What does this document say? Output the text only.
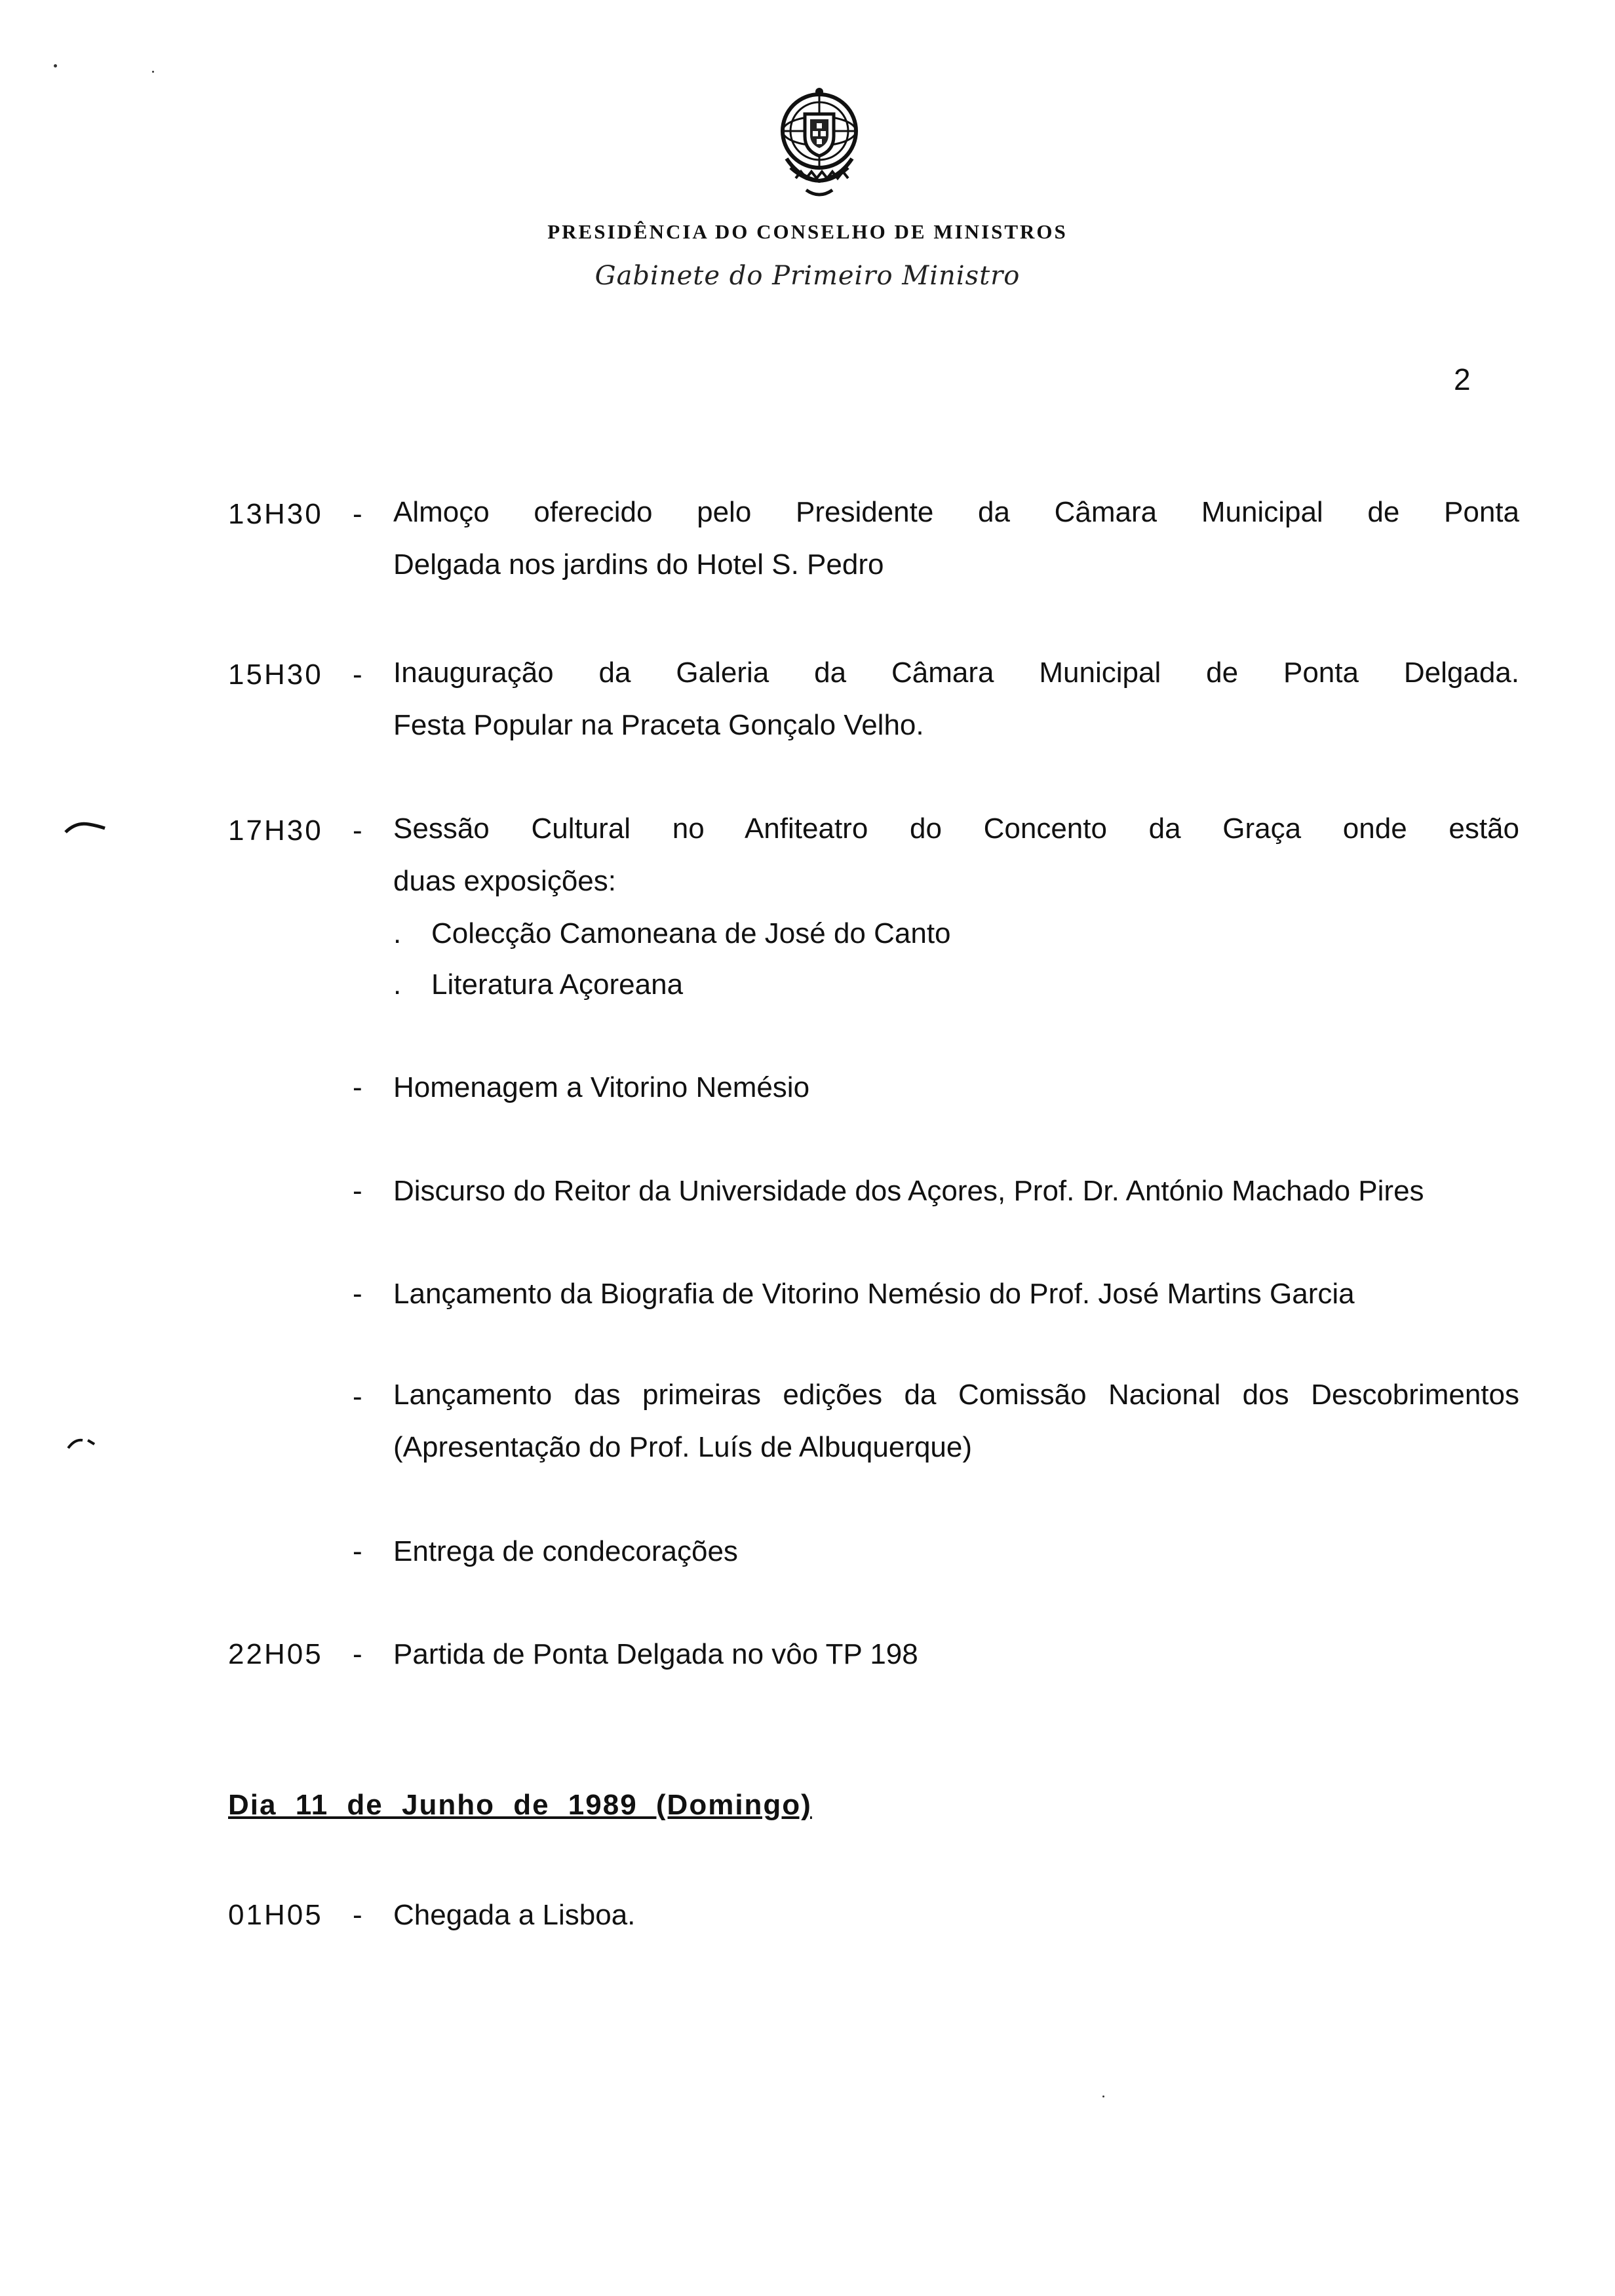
PRESIDÊNCIA DO CONSELHO DE MINISTROS
Gabinete do Primeiro Ministro
2
13H30 - Almoço oferecido pelo Presidente da Câmara Municipal de Ponta
Delgada nos jardins do Hotel S. Pedro
15H30 - Inauguração da Galeria da Câmara Municipal de Ponta Delgada.
Festa Popular na Praceta Gonçalo Velho.
17H30 - Sessão Cultural no Anfiteatro do Concento da Graça onde estão
duas exposições:
. Colecção Camoneana de José do Canto
. Literatura Açoreana
- Homenagem a Vitorino Nemésio
- Discurso do Reitor da Universidade dos Açores, Prof. Dr. António Machado Pires
- Lançamento da Biografia de Vitorino Nemésio do Prof. José Martins Garcia
- Lançamento das primeiras edições da Comissão Nacional dos Descobrimentos
(Apresentação do Prof. Luís de Albuquerque)
- Entrega de condecorações
22H05 - Partida de Ponta Delgada no vôo TP 198
Dia 11 de Junho de 1989 (Domingo)
01H05 - Chegada a Lisboa.
